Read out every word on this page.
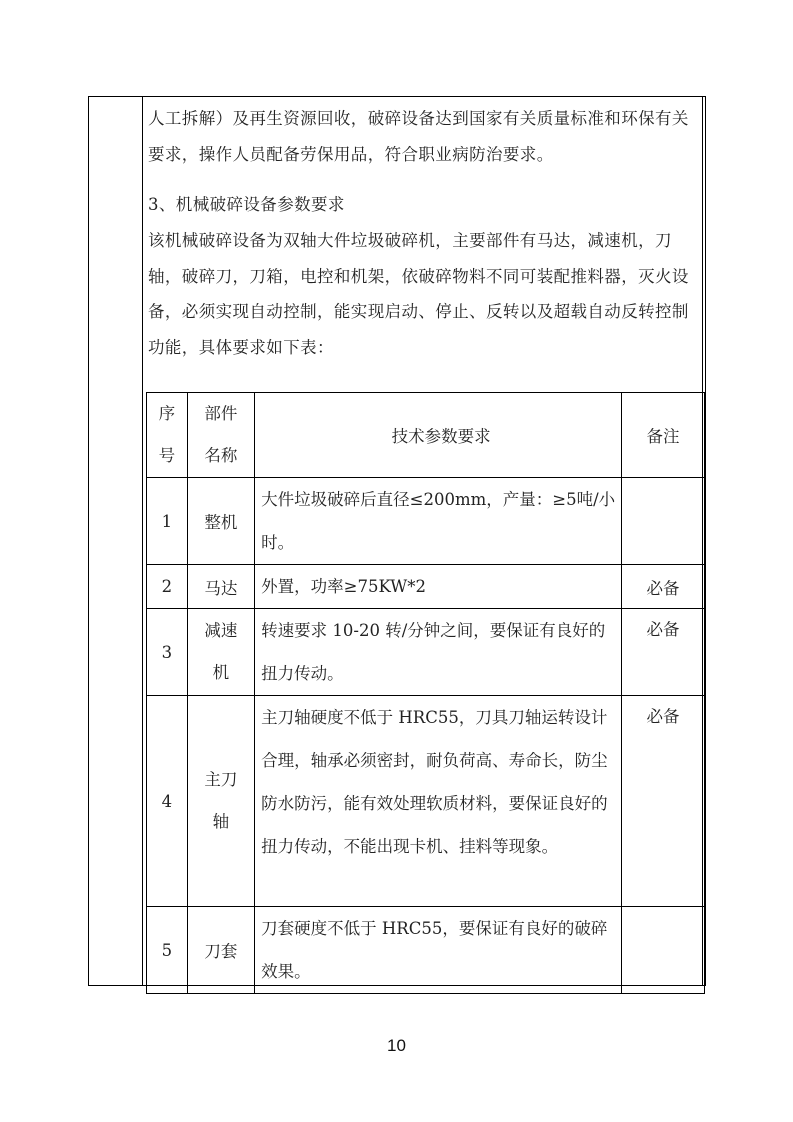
人工拆解）及再生资源回收，破碎设备达到国家有关质量标准和环保有关要求，操作人员配备劳保用品，符合职业病防治要求。
3、机械破碎设备参数要求
该机械破碎设备为双轴大件垃圾破碎机，主要部件有马达，减速机，刀轴，破碎刀，刀箱，电控和机架，依破碎物料不同可装配推料器，灭火设备，必须实现自动控制，能实现启动、停止、反转以及超载自动反转控制功能，具体要求如下表：
序号	部件名称	技术参数要求	备注
1	整机	大件垃圾破碎后直径≤200mm，产量：≥5吨/小时。	

2	马达	外置，功率≥75KW*2	必备
3	减速机	转速要求 10-20 转/分钟之间，要保证有良好的扭力传动。	必备
4	主刀轴	主刀轴硬度不低于 HRC55，刀具刀轴运转设计合理，轴承必须密封，耐负荷高、寿命长，防尘防水防污，能有效处理软质材料，要保证良好的扭力传动，不能出现卡机、挂料等现象。	必备
5	刀套	刀套硬度不低于 HRC55，要保证有良好的破碎效果。	

10
